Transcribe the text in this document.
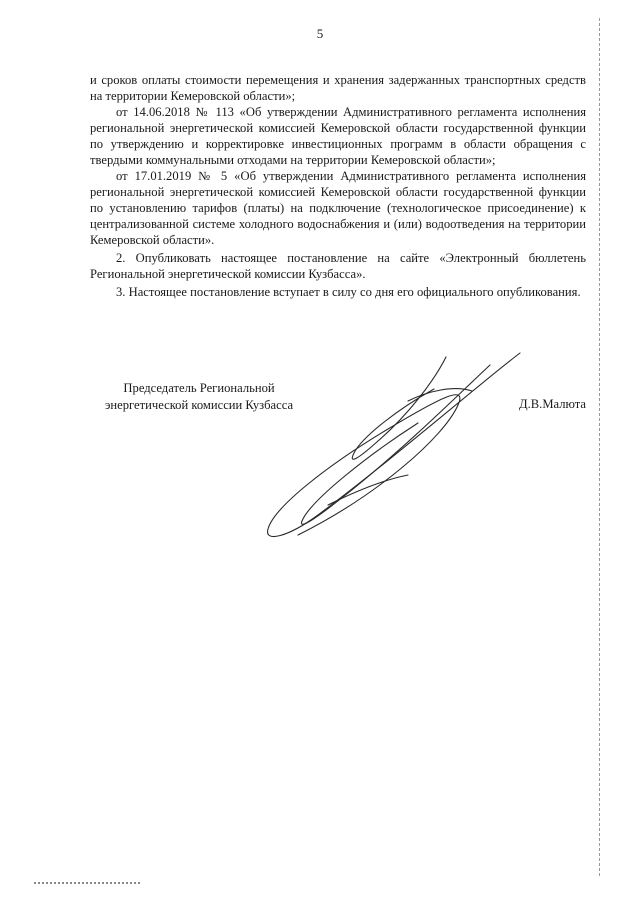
5

и сроков оплаты стоимости перемещения и хранения задержанных транспортных средств на территории Кемеровской области»;

от 14.06.2018 № 113 «Об утверждении Административного регламента исполнения региональной энергетической комиссией Кемеровской области государственной функции по утверждению и корректировке инвестиционных программ в области обращения с твердыми коммунальными отходами на территории Кемеровской области»;

от 17.01.2019 № 5 «Об утверждении Административного регламента исполнения региональной энергетической комиссией Кемеровской области государственной функции по установлению тарифов (платы) на подключение (технологическое присоединение) к централизованной системе холодного водоснабжения и (или) водоотведения на территории Кемеровской области».

2. Опубликовать настоящее постановление на сайте «Электронный бюллетень Региональной энергетической комиссии Кузбасса».

3. Настоящее постановление вступает в силу со дня его официального опубликования.

Председатель Региональной
энергетической комиссии Кузбасса	Д.В.Малюта
